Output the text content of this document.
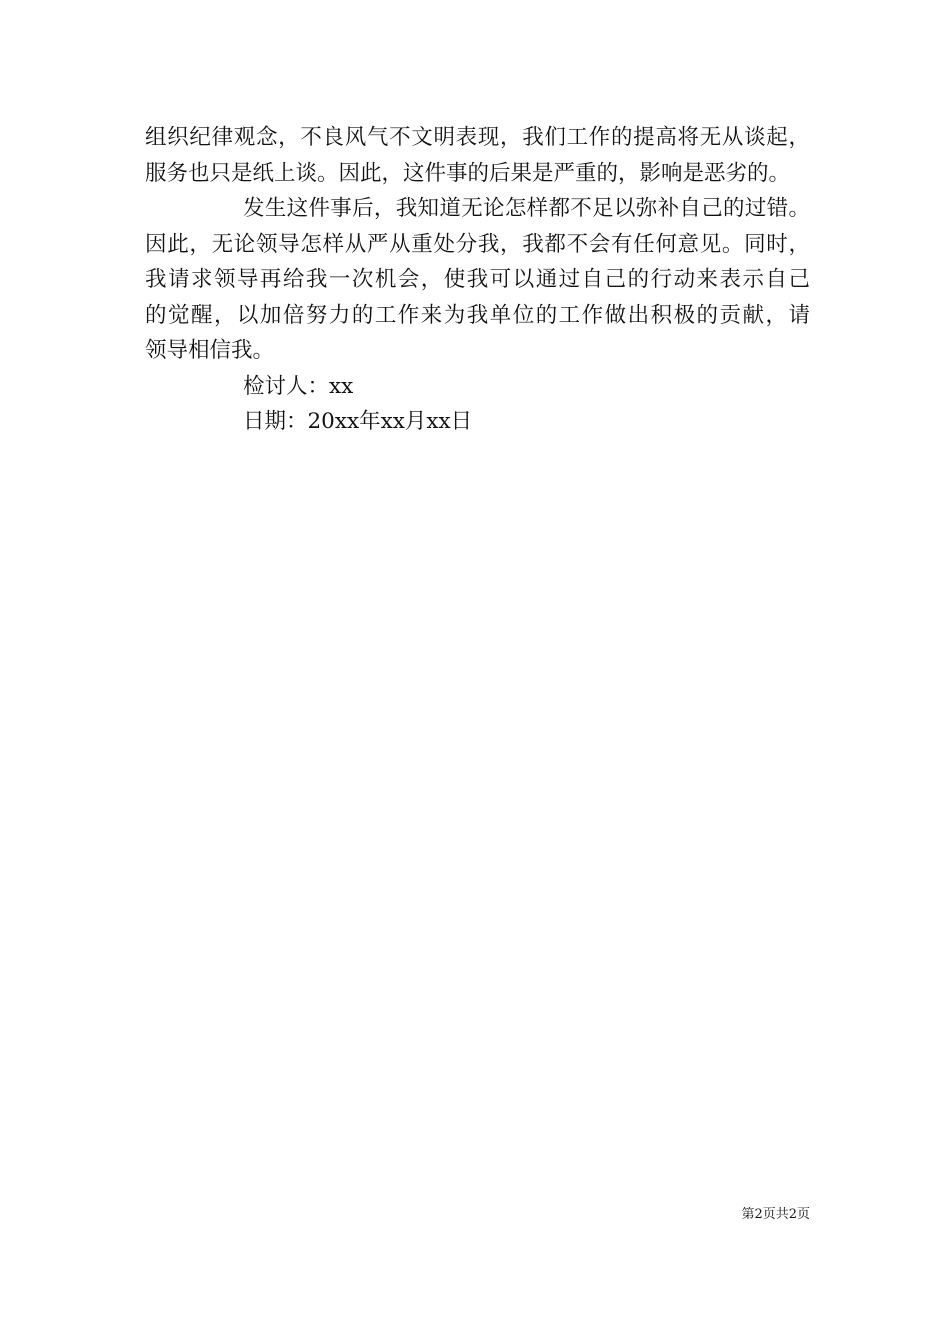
组织纪律观念，不良风气不文明表现，我们工作的提高将无从谈起，
服务也只是纸上谈。因此，这件事的后果是严重的，影响是恶劣的。
发生这件事后，我知道无论怎样都不足以弥补自己的过错。
因此，无论领导怎样从严从重处分我，我都不会有任何意见。同时，
我请求领导再给我一次机会，使我可以通过自己的行动来表示自己
的觉醒，以加倍努力的工作来为我单位的工作做出积极的贡献，请
领导相信我。
检讨人：xx
日期：20xx年xx月xx日
第2页共2页
